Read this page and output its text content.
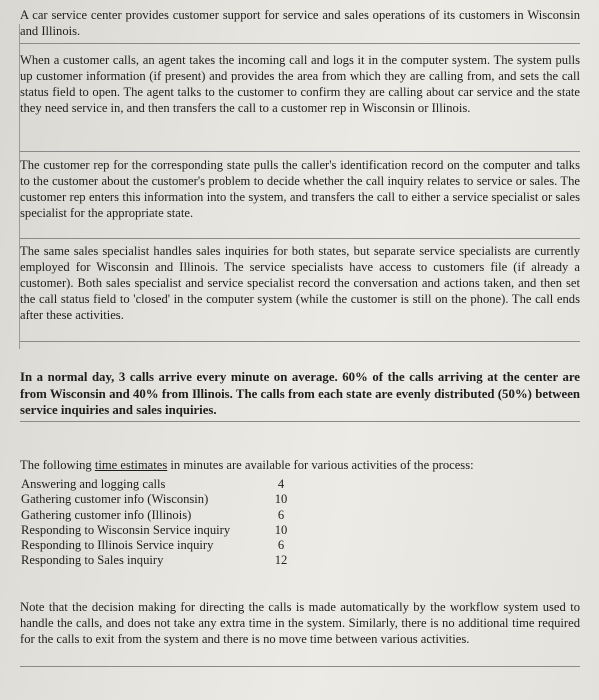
A car service center provides customer support for service and sales operations of its customers in Wisconsin and Illinois.

When a customer calls, an agent takes the incoming call and logs it in the computer system. The system pulls up customer information (if present) and provides the area from which they are calling from, and sets the call status field to open. The agent talks to the customer to confirm they are calling about car service and the state they need service in, and then transfers the call to a customer rep in Wisconsin or Illinois.

The customer rep for the corresponding state pulls the caller's identification record on the computer and talks to the customer about the customer's problem to decide whether the call inquiry relates to service or sales. The customer rep enters this information into the system, and transfers the call to either a service specialist or sales specialist for the appropriate state.

The same sales specialist handles sales inquiries for both states, but separate service specialists are currently employed for Wisconsin and Illinois. The service specialists have access to customers file (if already a customer). Both sales specialist and service specialist record the conversation and actions taken, and then set the call status field to 'closed' in the computer system (while the customer is still on the phone). The call ends after these activities.

In a normal day, 3 calls arrive every minute on average. 60% of the calls arriving at the center are from Wisconsin and 40% from Illinois. The calls from each state are evenly distributed (50%) between service inquiries and sales inquiries.

The following time estimates in minutes are available for various activities of the process:

Answering and logging calls	4
Gathering customer info (Wisconsin)	10
Gathering customer info (Illinois)	6
Responding to Wisconsin Service inquiry	10
Responding to Illinois Service inquiry	6
Responding to Sales inquiry	12

Note that the decision making for directing the calls is made automatically by the workflow system used to handle the calls, and does not take any extra time in the system. Similarly, there is no additional time required for the calls to exit from the system and there is no move time between various activities.
